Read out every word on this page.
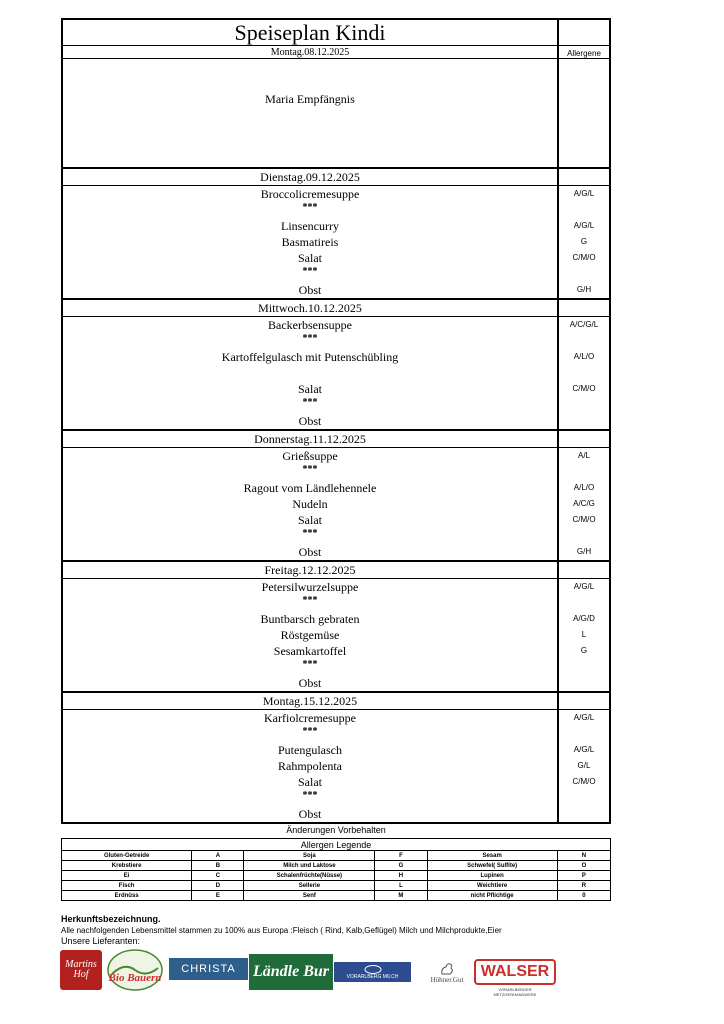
Speiseplan Kindi
Montag.08.12.2025	Allergene
Maria Empfängnis
Dienstag.09.12.2025
Broccolicremesuppe	A/G/L
***
Linsencurry	A/G/L
Basmatireis	G
Salat	C/M/O
***
Obst	G/H
Mittwoch.10.12.2025
Backerbsensuppe	A/C/G/L
***
Kartoffelgulasch mit Putenschübling	A/L/O
Salat	C/M/O
***
Obst
Donnerstag.11.12.2025
Grießsuppe	A/L
***
Ragout vom Ländlehennele	A/L/O
Nudeln	A/C/G
Salat	C/M/O
***
Obst	G/H
Freitag.12.12.2025
Petersilwurzelsuppe	A/G/L
***
Buntbarsch gebraten	A/G/D
Röstgemüse	L
Sesamkartoffel	G
***
Obst
Montag.15.12.2025
Karfiolcremesuppe	A/G/L
***
Putengulasch	A/G/L
Rahmpolenta	G/L
Salat	C/M/O
***
Obst
Änderungen Vorbehalten
Allergen Legende					
Gluten-Getreide	A	Soja	F	Sesam	N
Krebstiere	B	Milch und Laktose	G	Schwefel( Sulfite)	O
Ei	C	Schalenfrüchte(Nüsse)	H	Lupinen	P
Fisch	D	Sellerie	L	Weichtiere	R
Erdnüss	E	Senf	M	nicht Pflichtige	0
Herkunftsbezeichnung.
Alle nachfolgenden Lebensmittel stammen zu 100% aus Europa :Fleisch ( Rind, Kalb,Geflügel) Milch und Milchprodukte,Eier
Unsere Lieferanten:
Martins
Hof	Bio Bauern
CHRISTA	Ländle Bur	VORARLBERG MILCH	Hühner.Gut	WALSER
VORARLBERGER METZGERHANDWERK
